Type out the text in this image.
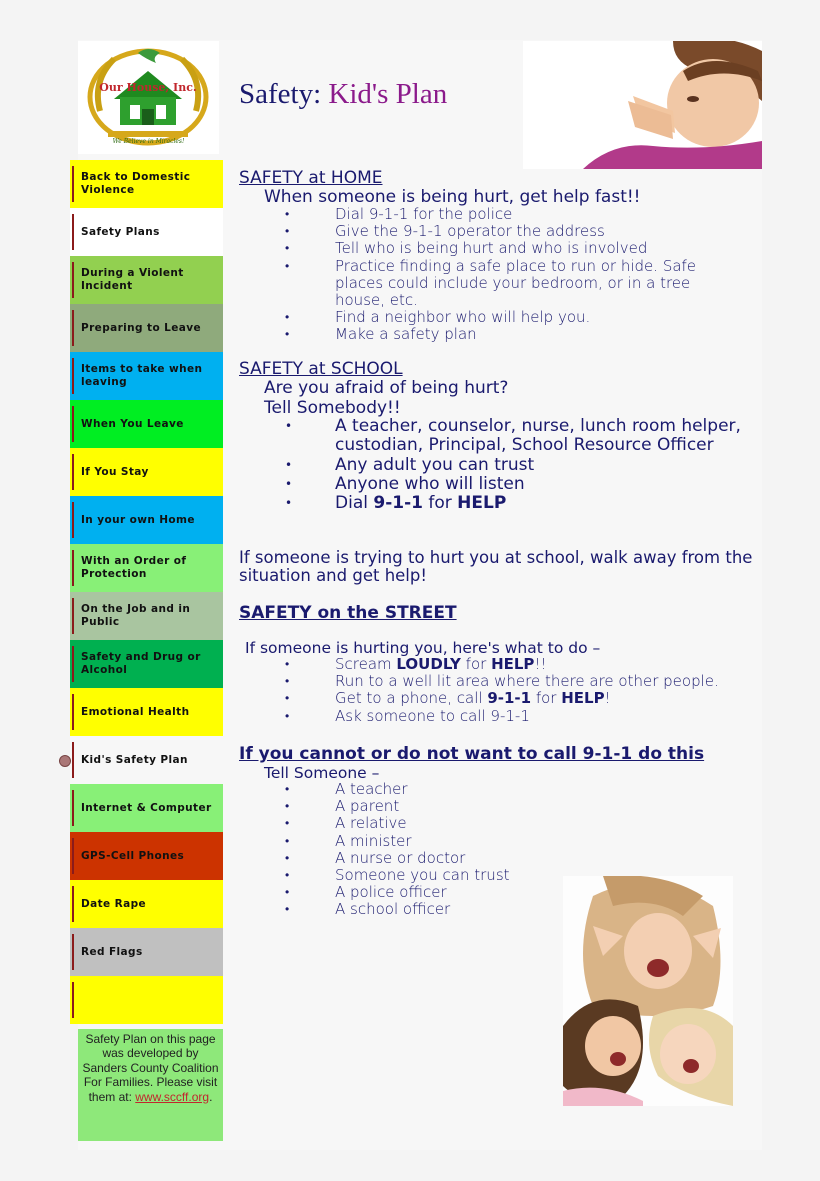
Our House, Inc.
We Believe in Miracles!
Safety: Kid's Plan
Back to Domestic Violence
Safety Plans
During a Violent Incident
Preparing to Leave
Items to take when leaving
When You Leave
If You Stay
In your own Home
With an Order of Protection
On the Job and in Public
Safety and Drug or Alcohol
Emotional Health
Kid's Safety Plan
Internet & Computer
GPS-Cell Phones
Date Rape
Red Flags
Safety Plan on this page was developed by Sanders County Coalition For Families. Please visit them at: www.sccff.org.
SAFETY at HOME
When someone is being hurt, get help fast!!
• Dial 9-1-1 for the police
• Give the 9-1-1 operator the address
• Tell who is being hurt and who is involved
• Practice finding a safe place to run or hide. Safe places could include your bedroom, or in a tree house, etc.
• Find a neighbor who will help you.
• Make a safety plan
SAFETY at SCHOOL
Are you afraid of being hurt?
Tell Somebody!!
• A teacher, counselor, nurse, lunch room helper, custodian, Principal, School Resource Officer
• Any adult you can trust
• Anyone who will listen
• Dial 9-1-1 for HELP
If someone is trying to hurt you at school, walk away from the situation and get help!
SAFETY on the STREET
If someone is hurting you, here's what to do –
• Scream LOUDLY for HELP!!
• Run to a well lit area where there are other people.
• Get to a phone, call 9-1-1 for HELP!
• Ask someone to call 9-1-1
If you cannot or do not want to call 9-1-1 do this
Tell Someone –
• A teacher
• A parent
• A relative
• A minister
• A nurse or doctor
• Someone you can trust
• A police officer
• A school officer
